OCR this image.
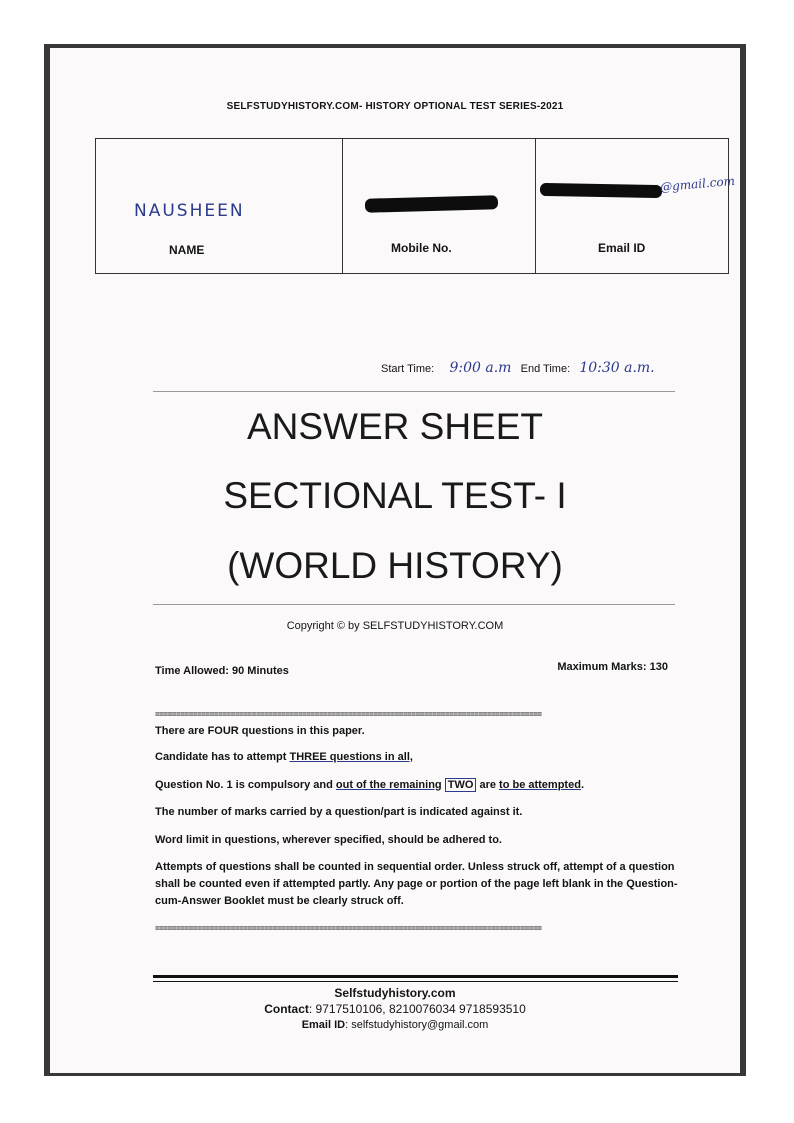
SELFSTUDYHISTORY.COM- HISTORY OPTIONAL TEST SERIES-2021
NAUSHEEN
NAME	Mobile No.
@gmail.com
Email ID
Start Time: 9:00 a.m End Time: 10:30 a.m.
ANSWER SHEET
SECTIONAL TEST- I
(WORLD HISTORY)
Copyright © by SELFSTUDYHISTORY.COM
Time Allowed: 90 Minutes	Maximum Marks: 130
============================================================================================
There are FOUR questions in this paper.
Candidate has to attempt THREE questions in all,
Question No. 1 is compulsory and out of the remaining TWO are to be attempted.
The number of marks carried by a question/part is indicated against it.
Word limit in questions, wherever specified, should be adhered to.
Attempts of questions shall be counted in sequential order. Unless struck off, attempt of a question shall be counted even if attempted partly. Any page or portion of the page left blank in the Question-cum-Answer Booklet must be clearly struck off.
============================================================================================
Selfstudyhistory.com
Contact: 9717510106, 8210076034 9718593510
Email ID: selfstudyhistory@gmail.com
